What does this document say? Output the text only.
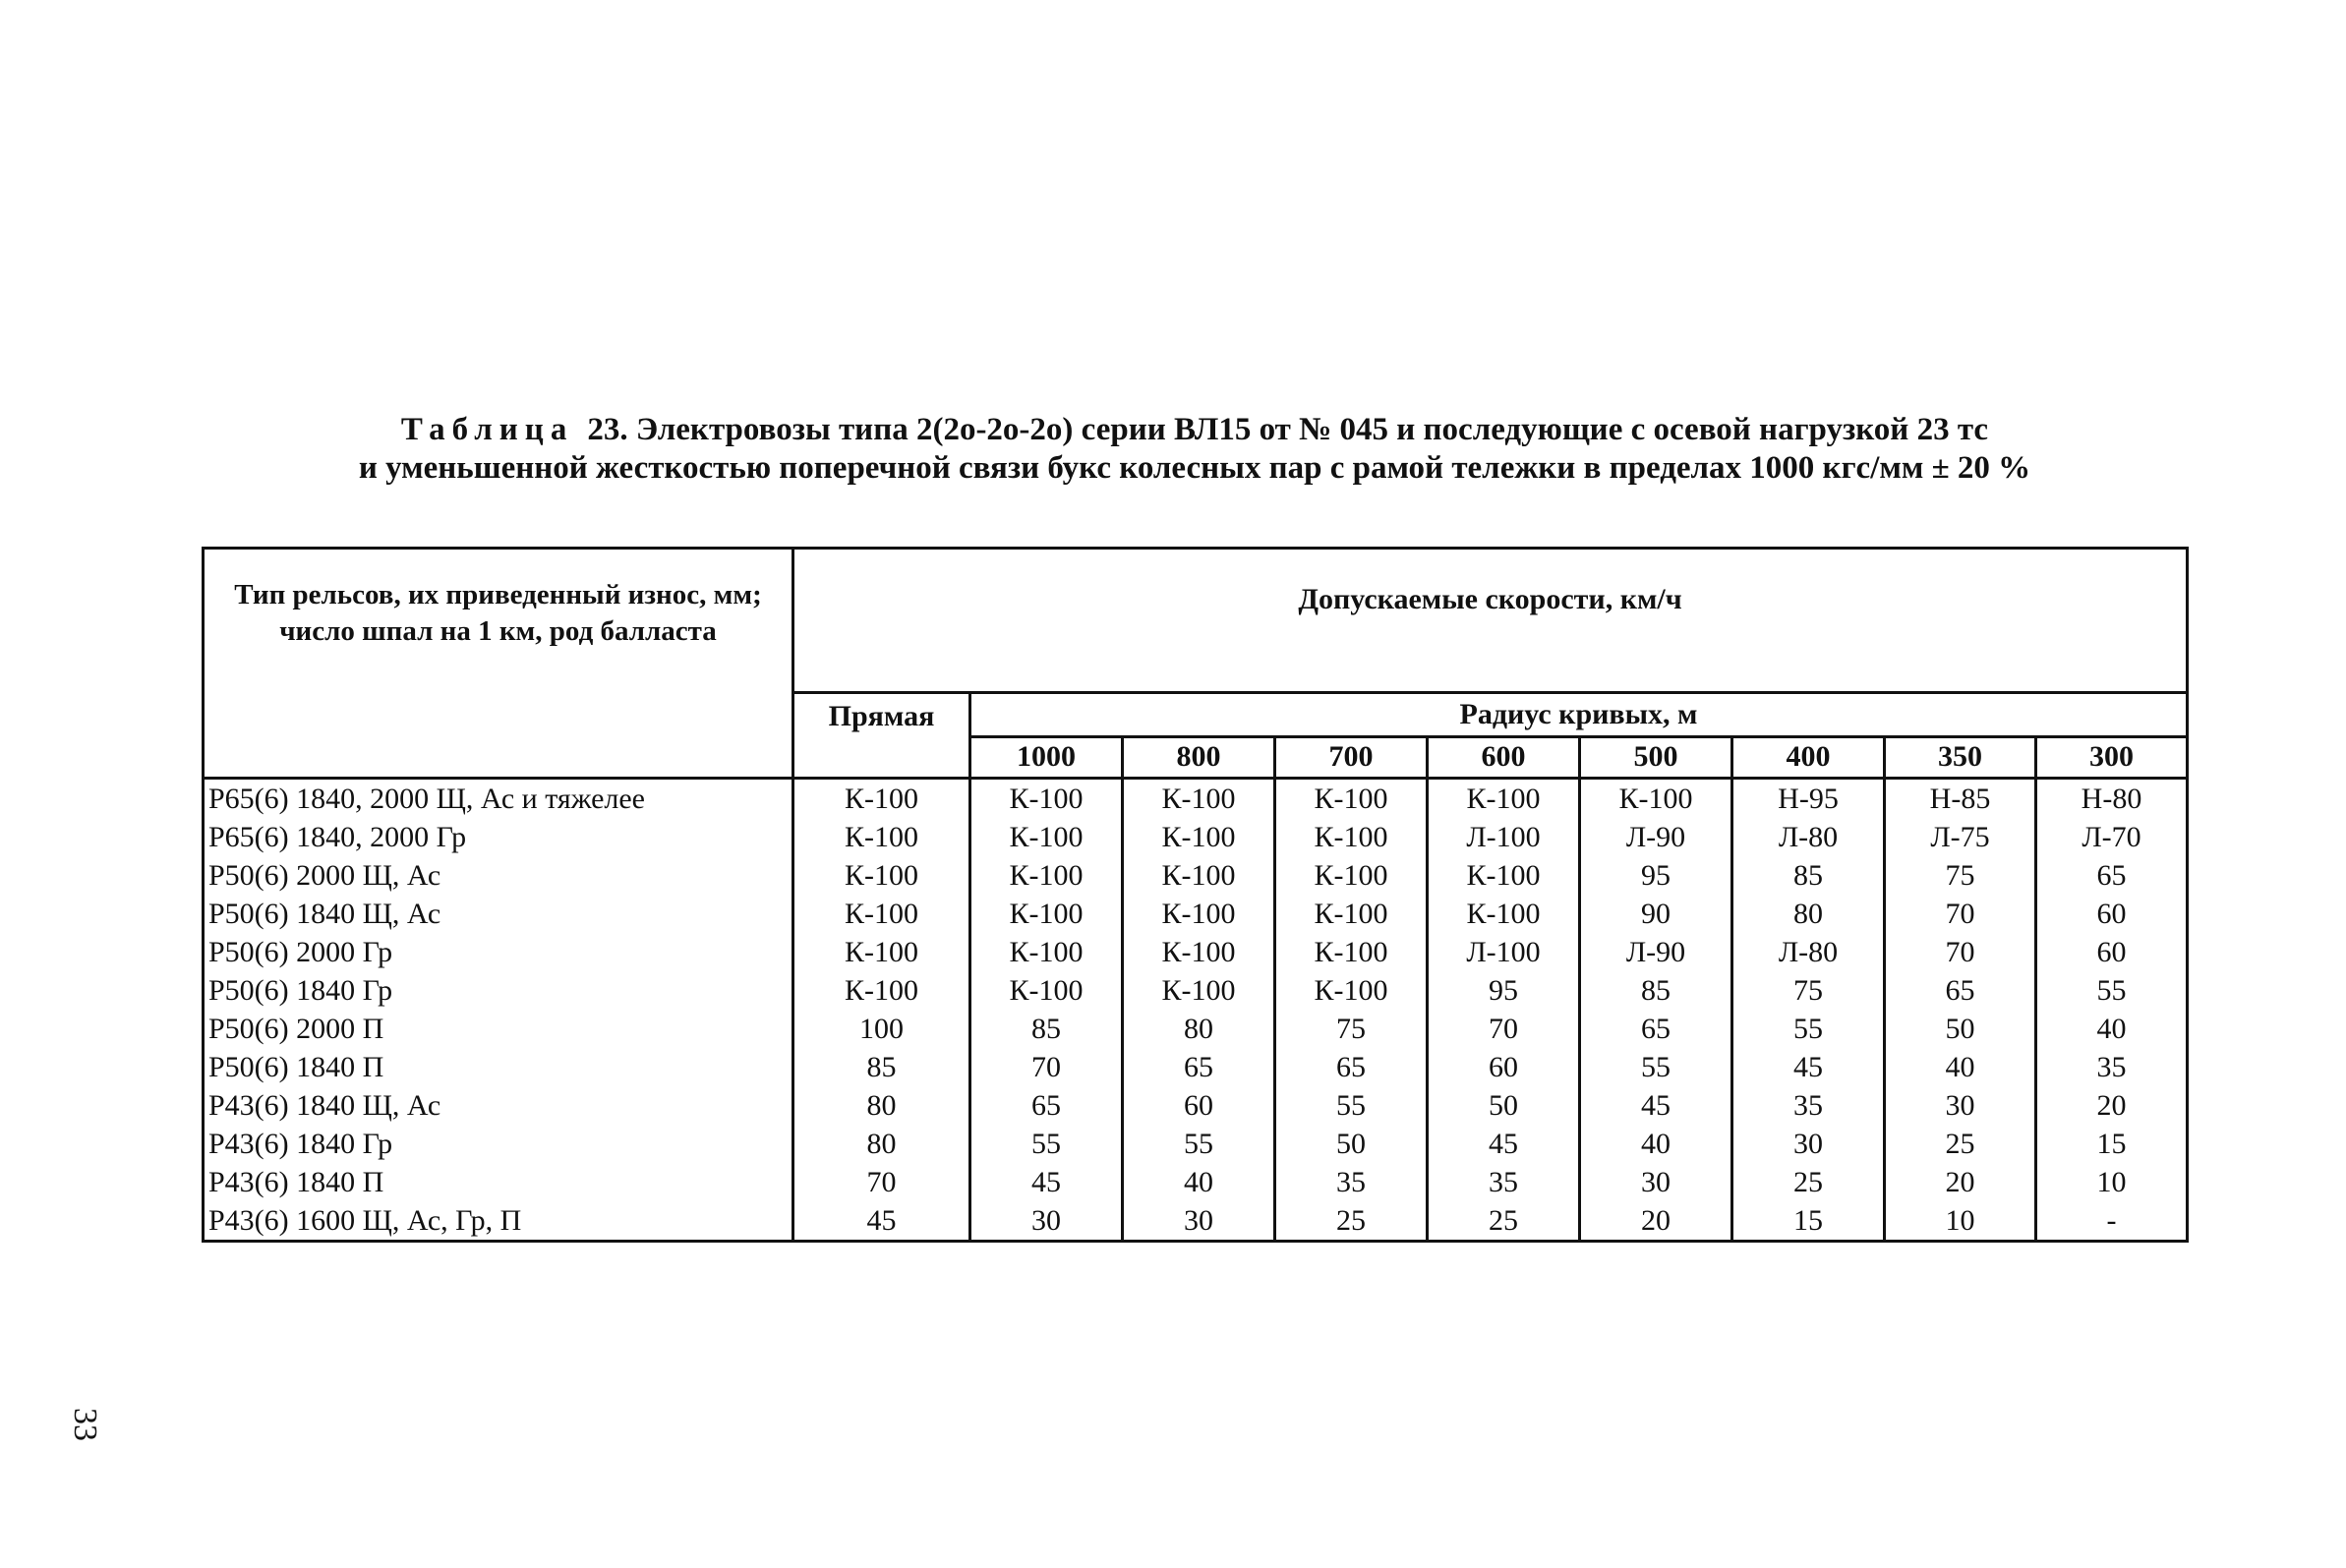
Таблица 23. Электровозы типа 2(2о-2о-2о) серии ВЛ15 от № 045 и последующие с осевой нагрузкой 23 тс
и уменьшенной жесткостью поперечной связи букс колесных пар с рамой тележки в пределах 1000 кгс/мм ± 20 %
Тип рельсов, их приведенный износ, мм; число шпал на 1 км, род балласта	Допускаемые скорости, км/ч								
	Прямая	Радиус кривых, м							
		1000	800	700	600	500	400	350	300
Р65(6) 1840, 2000 Щ, Ас и тяжелее	К-100	К-100	К-100	К-100	К-100	К-100	Н-95	Н-85	Н-80
Р65(6) 1840, 2000 Гр	К-100	К-100	К-100	К-100	Л-100	Л-90	Л-80	Л-75	Л-70
Р50(6) 2000 Щ, Ас	К-100	К-100	К-100	К-100	К-100	95	85	75	65
Р50(6) 1840 Щ, Ас	К-100	К-100	К-100	К-100	К-100	90	80	70	60
Р50(6) 2000 Гр	К-100	К-100	К-100	К-100	Л-100	Л-90	Л-80	70	60
Р50(6) 1840 Гр	К-100	К-100	К-100	К-100	95	85	75	65	55
Р50(6) 2000 П	100	85	80	75	70	65	55	50	40
Р50(6) 1840 П	85	70	65	65	60	55	45	40	35
Р43(6) 1840 Щ, Ас	80	65	60	55	50	45	35	30	20
Р43(6) 1840 Гр	80	55	55	50	45	40	30	25	15
Р43(6) 1840 П	70	45	40	35	35	30	25	20	10
Р43(6) 1600 Щ, Ас, Гр, П	45	30	30	25	25	20	15	10	-
33
